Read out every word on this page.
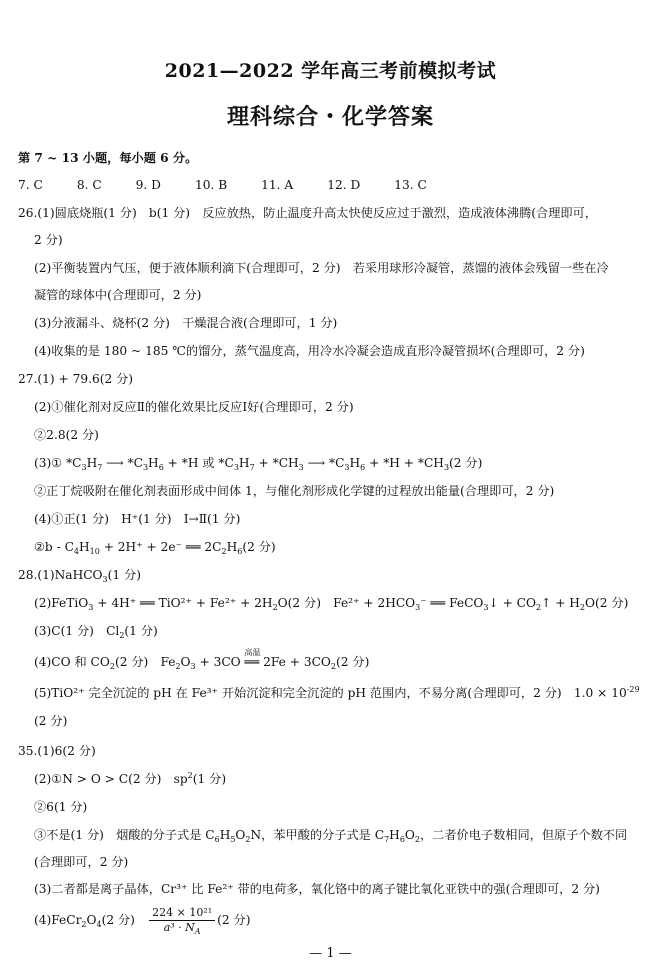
2021—2022 学年高三考前模拟考试
理科综合・化学答案
第 7 ~ 13 小题，每小题 6 分。
7. C	8. C	9. D	10. B	11. A	12. D	13. C
26.(1)圆底烧瓶(1 分)　b(1 分)　反应放热，防止温度升高太快使反应过于激烈，造成液体沸腾(合理即可，
2 分)
(2)平衡装置内气压，便于液体顺利滴下(合理即可，2 分)　若采用球形冷凝管，蒸馏的液体会残留一些在冷
凝管的球体中(合理即可，2 分)
(3)分液漏斗、烧杯(2 分)　干燥混合液(合理即可，1 分)
(4)收集的是 180 ~ 185 ℃的馏分，蒸气温度高，用冷水冷凝会造成直形冷凝管损坏(合理即可，2 分)
27.(1) + 79.6(2 分)
(2)①催化剂对反应Ⅱ的催化效果比反应Ⅰ好(合理即可，2 分)
②2.8(2 分)
(3)① $*C_3H_7$ ⟶ $*C_3H_6 + *H$ 或 $*C_3H_7 + *CH_3$ ⟶ $*C_3H_6 + *H + *CH_3(2$ 分)
②正丁烷吸附在催化剂表面形成中间体 1，与催化剂形成化学键的过程放出能量(合理即可，2 分)
(4)①正(1 分)　H⁺(1 分)　Ⅰ→Ⅱ(1 分)
②b - $C_4H_{10} + 2H^+ + 2e^-$ ══ $2C_2H_6(2$ 分)
28.(1)NaHCO$_3$(1 分)
(2)FeTiO$_3$ + 4H⁺ ══ $TiO^{2+} + Fe^{2+} + 2H_2O(2$ 分)　$Fe^{2+} + 2HCO_3^-$ ══ FeCO$_3$↓ + $CO_2↑ + H_2O(2$ 分)
(3)C(1 分)　$Cl_2(1$ 分)
(4)CO 和 $CO_2(2$ 分)　$Fe_2O_3 + 3CO$
高温
══ $2Fe + 3CO_2(2$ 分)
(5)TiO²⁺ 完全沉淀的 pH 在 Fe³⁺ 开始沉淀和完全沉淀的 pH 范围内，不易分离(合理即可，2 分)　$1.0 \times 10^{-29}$
(2 分)
35.(1)6(2 分)
(2)①N > O > C(2 分)　$sp^2(1$ 分)
②6(1 分)
③不是(1 分)　烟酸的分子式是 $C_6H_5O_2N$，苯甲酸的分子式是 $C_7H_6O_2$，二者价电子数相同，但原子个数不同
(合理即可，2 分)
(3)二者都是离子晶体，Cr³⁺ 比 Fe²⁺ 带的电荷多，氧化铬中的离子键比氧化亚铁中的强(合理即可，2 分)
$(4)FeCr_2O_4(2$ 分)　 $\frac{\text{224 × 10²¹}}{a^3 \cdot N_A} (2$ 分)
— 1 —
